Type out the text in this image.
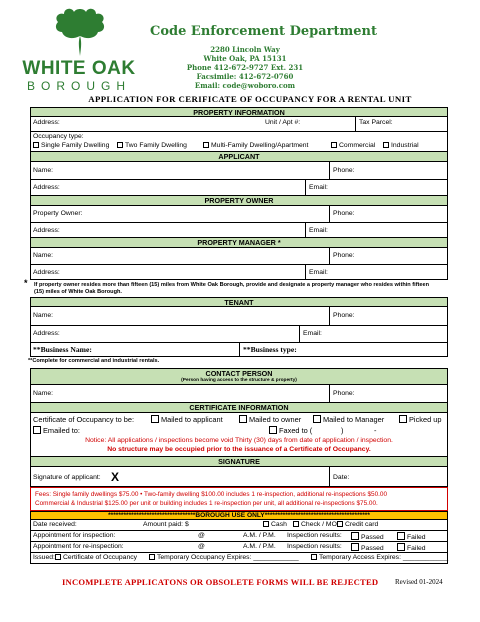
WHITE OAK
BOROUGH
Code Enforcement Department
2280 Lincoln Way
White Oak, PA 15131
Phone 412-672-9727 Ext. 231
Facsimile: 412-672-0760
Email: code@woboro.com
APPLICATION FOR CERIFICATE OF OCCUPANCY FOR A RENTAL UNIT
PROPERTY INFORMATION
Address:	Unit / Apt #:	Tax Parcel:
Occupancy type:
Single Family Dwelling	Two Family Dwelling	Multi-Family Dwelling/Apartment	Commercial	Industrial
APPLICANT
Name:	Phone:
Address:	Email:
PROPERTY OWNER
Property Owner:	Phone:
Address:	Email:
PROPERTY MANAGER *
Name:	Phone:
Address:	Email:
* If property owner resides more than fifteen (15) miles from White Oak Borough, provide and designate a property manager who resides within fifteen (15) miles of White Oak Borough.
TENANT
Name:	Phone:
Address:	Email:
**Business Name:	**Business type:
**Complete for commercial and industrial rentals.
CONTACT PERSON
(Person having access to the structure & property)
Name:	Phone:
CERTIFICATE INFORMATION
Certificate of Occupancy to be:	Mailed to applicant	Mailed to owner	Mailed to Manager	Picked up
Emailed to:	Faxed to (	)	-
Notice: All applications / inspections become void Thirty (30) days from date of application / inspection.
No structure may be occupied prior to the issuance of a Certificate of Occupancy.
SIGNATURE
Signature of applicant: X	Date:
Fees: Single family dwellings $75.00 • Two-family dwelling $100.00 includes 1 re-inspection, additional re-inspections $50.00
Commercial & Industrial $125.00 per unit or building includes 1 re-inspection per unit, all additional re-inspections $75.00.
**********************************BOROUGH USE ONLY*****************************************
Date received:	Amount paid: $	Cash	Check / MO	Credit card
Appointment for inspection:	@	A.M. / P.M. Inspection results:	Passed	Failed
Appointment for re-inspection:	@	A.M. / P.M. Inspection results:	Passed	Failed
Issued:	Certificate of Occupancy	Temporary Occupancy Expires: ____________	Temporary Access Expires: ____________
INCOMPLETE APPLICATONS OR OBSOLETE FORMS WILL BE REJECTED Revised 01-2024
